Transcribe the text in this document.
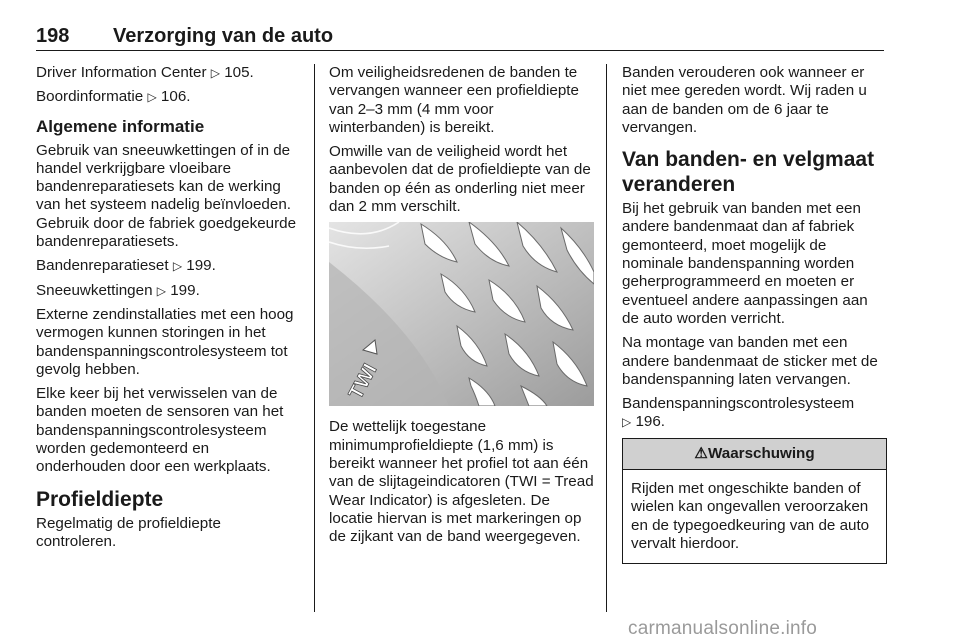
198 Verzorging van de auto

Driver Information Center ▷ 105.

Boordinformatie ▷ 106.

Algemene informatie

Gebruik van sneeuwkettingen of in de handel verkrijgbare vloeibare bandenreparatiesets kan de werking van het systeem nadelig beïnvloeden. Gebruik door de fabriek goedgekeurde bandenreparatiesets.

Bandenreparatieset ▷ 199.

Sneeuwkettingen ▷ 199.

Externe zendinstallaties met een hoog vermogen kunnen storingen in het bandenspanningscontrolesysteem tot gevolg hebben.

Elke keer bij het verwisselen van de banden moeten de sensoren van het bandenspanningscontrolesysteem worden gedemonteerd en onderhouden door een werkplaats.

Profieldiepte

Regelmatig de profieldiepte controleren.

Om veiligheidsredenen de banden te vervangen wanneer een profieldiepte van 2–3 mm (4 mm voor winterbanden) is bereikt.

Omwille van de veiligheid wordt het aanbevolen dat de profieldiepte van de banden op één as onderling niet meer dan 2 mm verschilt.

TWI

De wettelijk toegestane minimumprofieldiepte (1,6 mm) is bereikt wanneer het profiel tot aan één van de slijtageindicatoren (TWI = Tread Wear Indicator) is afgesleten. De locatie hiervan is met markeringen op de zijkant van de band weergegeven.

Banden verouderen ook wanneer er niet mee gereden wordt. Wij raden u aan de banden om de 6 jaar te vervangen.

Van banden- en velgmaat veranderen

Bij het gebruik van banden met een andere bandenmaat dan af fabriek gemonteerd, moet mogelijk de nominale bandenspanning worden geherprogrammeerd en moeten er eventueel andere aanpassingen aan de auto worden verricht.

Na montage van banden met een andere bandenmaat de sticker met de bandenspanning laten vervangen.

Bandenspanningscontrolesysteem
▷ 196.

⚠Waarschuwing
Rijden met ongeschikte banden of wielen kan ongevallen veroorzaken en de typegoedkeuring van de auto vervalt hierdoor.
carmanualsonline.info
